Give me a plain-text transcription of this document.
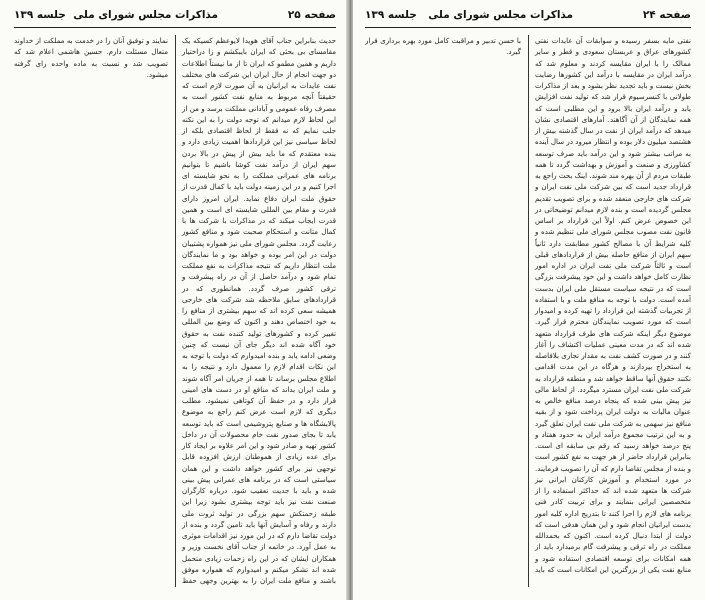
صفحه ۲۵
مذاکرات مجلس شورای ملی
جلسه ۱۳۹

حدیث بنابراین جناب آقای هویدا لایوعظم کسیکه یک مقامسای بی بحثی که ایران بایبکشم و زا دراختیار داریم و همین مطمو که ایران تا از ما نیستاً اطلاعات دو جهت انجام از حال ایران این شرکت های مختلف نفت عایدات به ایرانیان به آن صورت لازم است که حقیقتاً آنچه مربوط به منابع نفت کشور است به مصرف رفاه عمومی و آبادانی مملکت برسد و من از این لحاظ لازم میدانم که توجه دولت را به این نکته جلب نمایم که نه فقط از لحاظ اقتصادی بلکه از لحاظ سیاسی نیز این قراردادها اهمیت زیادی دارد و بنده معتقدم که ما باید بیش از پیش در بالا بردن سهم ایران از درآمد نفت کوشا باشیم تا بتوانیم برنامه های عمرانی مملکت را به نحو شایسته ای اجرا کنیم و در این زمینه دولت باید با کمال قدرت از حقوق ملت ایران دفاع نماید. ایران امروز دارای قدرت و مقام بین المللی شایسته ای است و همین قدرت ایجاب میکند که در مذاکرات با شرکت ها با کمال متانت و استحکام صحبت شود و منافع کشور رعایت گردد. مجلس شورای ملی نیز همواره پشتیبان دولت در این امر بوده و خواهد بود و ما نمایندگان ملت انتظار داریم که نتیجه مذاکرات به نفع مملکت تمام شود و درآمد حاصل از آن در راه پیشرفت و ترقی کشور صرف گردد. همانطوری که در قراردادهای سابق ملاحظه شد شرکت های خارجی همیشه سعی کرده اند که سهم بیشتری از منافع را به خود اختصاص دهند و اکنون که وضع بین المللی تغییر کرده و کشورهای تولید کننده نفت به حقوق خود آگاه شده اند دیگر جای آن نیست که چنین وضعی ادامه یابد و بنده امیدوارم که دولت با توجه به این نکات اقدام لازم را معمول دارد و نتیجه را به اطلاع مجلس برساند تا همه از جریان امر آگاه شوند و ملت ایران بداند که منافع او در دست های امینی قرار دارد و در حفظ آن کوتاهی نمیشود. مطلب دیگری که لازم است عرض کنم راجع به موضوع پالایشگاه ها و صنایع پتروشیمی است که باید توسعه یابد تا بجای صدور نفت خام محصولات آن در داخل کشور تهیه و صادر شود و این امر علاوه بر ایجاد کار برای عده زیادی از هموطنان ارزش افزوده قابل توجهی نیز برای کشور خواهد داشت و این همان سیاستی است که در برنامه های عمرانی پیش بینی شده و باید با جدیت تعقیب شود. درباره کارگران صنعت نفت نیز باید توجه بیشتری بشود زیرا این طبقه زحمتکش سهم بزرگی در تولید ثروت ملی دارند و رفاه و آسایش آنها باید تامین گردد و بنده از دولت تقاضا دارم که در این مورد نیز اقدامات موثری به عمل آورد. در خاتمه از جناب آقای نخست وزیر و همکاران ایشان که در این راه زحمات زیادی متحمل شده اند تشکر میکنم و امیدوارم که همواره موفق باشند و منافع ملت ایران را به بهترین وجهی حفظ نمایند و توفیق آنان را در خدمت به مملکت از خداوند متعال مسئلت دارم. حسین هاشمی اعلام شد که تصویب شد و نسبت به ماده واحده رای گرفته میشود.

صفحه ۲۴
مذاکرات مجلس شورای ملی
جلسه ۱۳۹

نفتی مایه بسفر رسیده و سوابقات آن عایدات نفتی کشورهای عراق و عربستان سعودی و قطر و سایر ممالک را با ایران مقایسه کردند و معلوم شد که درآمد ایران در مقایسه با درآمد این کشورها رضایت بخش نیست و باید تجدید نظر بشود و بعد از مذاکرات طولانی با کنسرسیوم قرار شد که تولید نفت افزایش یابد و درآمد ایران بالا برود و این مطلبی است که همه نمایندگان از آن آگاهند. آمارهای اقتصادی نشان میدهد که درآمد ایران از نفت در سال گذشته بیش از هشتصد میلیون دلار بوده و انتظار میرود در سال آینده به مراتب بیشتر شود و این درآمد باید صرف توسعه کشاورزی و صنعت و آموزش و بهداشت گردد تا همه طبقات مردم از آن بهره مند شوند. اینک بحث راجع به قرارداد جدید است که بین شرکت ملی نفت ایران و شرکت های خارجی منعقد شده و برای تصویب تقدیم مجلس گردیده است و بنده لازم میدانم توضیحاتی در این خصوص عرض کنم. اولاً این قرارداد بر اساس قانون نفت مصوب مجلس شورای ملی تنظیم شده و کلیه شرایط آن با مصالح کشور مطابقت دارد ثانیاً سهم ایران از منافع حاصله بیش از قراردادهای قبلی است و ثالثاً شرکت ملی نفت ایران در اداره امور نظارت کامل خواهد داشت و این خود پیشرفت بزرگی است که در نتیجه سیاست مستقل ملی ایران بدست آمده است. دولت با توجه به منافع ملت و با استفاده از تجربیات گذشته این قرارداد را تهیه کرده و امیدوار است که مورد تصویب نمایندگان محترم قرار گیرد. موضوع دیگر اینکه شرکت های طرف قرارداد متعهد شده اند که در مدت معینی عملیات اکتشاف را آغاز کنند و در صورت کشف نفت به مقدار تجاری بلافاصله به استخراج بپردازند و هرگاه در این مدت اقدامی نکنند حقوق آنها ساقط خواهد شد و منطقه قرارداد به شرکت ملی نفت ایران مسترد میگردد. از لحاظ مالی نیز پیش بینی شده که پنجاه درصد منافع خالص به عنوان مالیات به دولت ایران پرداخت شود و از بقیه منافع نیز سهمی به شرکت ملی نفت ایران تعلق گیرد و به این ترتیب مجموع درآمد ایران به حدود هفتاد و پنج درصد خواهد رسید که رقم بی سابقه ای است. بنابراین قرارداد حاضر از هر جهت به نفع کشور است و بنده از مجلس تقاضا دارم که آن را تصویب فرمایند. در مورد استخدام و آموزش کارکنان ایرانی نیز شرکت ها متعهد شده اند که حداکثر استفاده را از متخصصین ایرانی بنمایند و برای تربیت کادر فنی برنامه های لازم را اجرا کنند تا بتدریج اداره کلیه امور بدست ایرانیان انجام شود و این همان هدفی است که دولت از ابتدا دنبال کرده است. اکنون که بحمدالله مملکت در راه ترقی و پیشرفت گام برمیدارد باید از همه امکانات برای توسعه اقتصادی استفاده شود و منابع نفت یکی از بزرگترین این امکانات است که باید با حسن تدبیر و مراقبت کامل مورد بهره برداری قرار گیرد.
